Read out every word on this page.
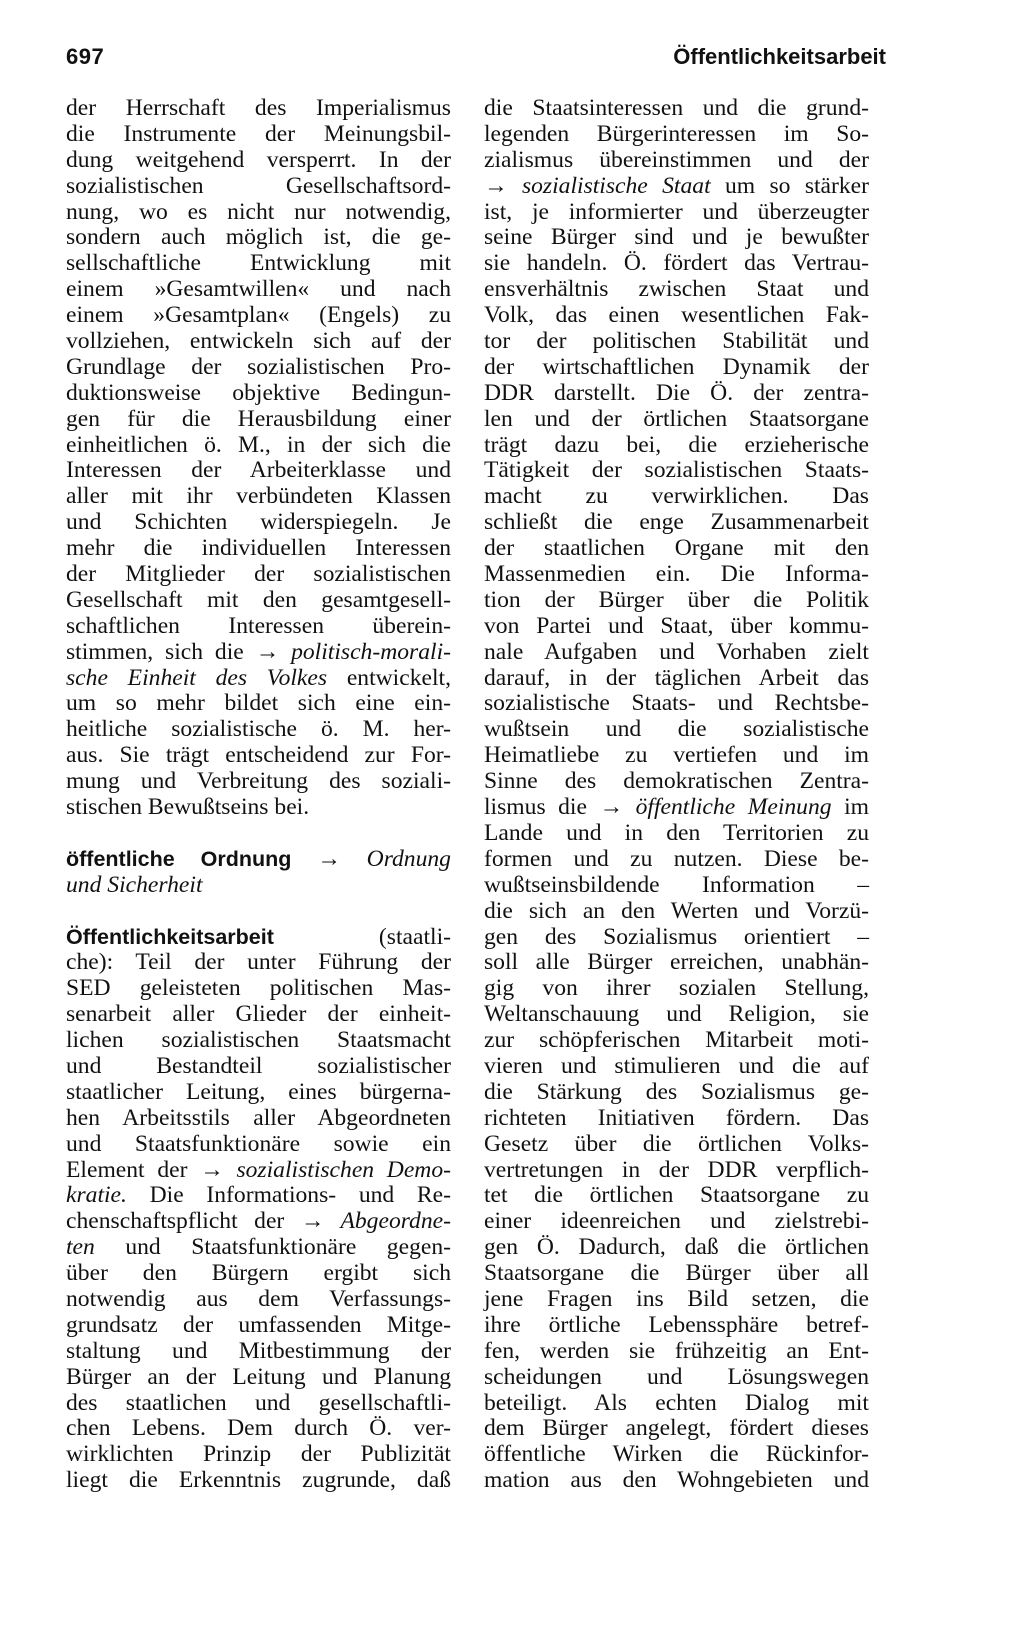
697	Öffentlichkeitsarbeit
der Herrschaft des Imperialismus
die Instrumente der Meinungsbil-
dung weitgehend versperrt. In der
sozialistischen Gesellschaftsord-
nung, wo es nicht nur notwendig,
sondern auch möglich ist, die ge-
sellschaftliche Entwicklung mit
einem »Gesamtwillen« und nach
einem »Gesamtplan« (Engels) zu
vollziehen, entwickeln sich auf der
Grundlage der sozialistischen Pro-
duktionsweise objektive Bedingun-
gen für die Herausbildung einer
einheitlichen ö. M., in der sich die
Interessen der Arbeiterklasse und
aller mit ihr verbündeten Klassen
und Schichten widerspiegeln. Je
mehr die individuellen Interessen
der Mitglieder der sozialistischen
Gesellschaft mit den gesamtgesell-
schaftlichen Interessen überein-
stimmen, sich die → politisch-morali-
sche Einheit des Volkes entwickelt,
um so mehr bildet sich eine ein-
heitliche sozialistische ö. M. her-
aus. Sie trägt entscheidend zur For-
mung und Verbreitung des soziali-
stischen Bewußtseins bei.
öffentliche Ordnung → Ordnung
und Sicherheit
Öffentlichkeitsarbeit (staatli-
che): Teil der unter Führung der
SED geleisteten politischen Mas-
senarbeit aller Glieder der einheit-
lichen sozialistischen Staatsmacht
und Bestandteil sozialistischer
staatlicher Leitung, eines bürgerna-
hen Arbeitsstils aller Abgeordneten
und Staatsfunktionäre sowie ein
Element der → sozialistischen Demo-
kratie. Die Informations- und Re-
chenschaftspflicht der → Abgeordne-
ten und Staatsfunktionäre gegen-
über den Bürgern ergibt sich
notwendig aus dem Verfassungs-
grundsatz der umfassenden Mitge-
staltung und Mitbestimmung der
Bürger an der Leitung und Planung
des staatlichen und gesellschaftli-
chen Lebens. Dem durch Ö. ver-
wirklichten Prinzip der Publizität
liegt die Erkenntnis zugrunde, daß
die Staatsinteressen und die grund-
legenden Bürgerinteressen im So-
zialismus übereinstimmen und der
→ sozialistische Staat um so stärker
ist, je informierter und überzeugter
seine Bürger sind und je bewußter
sie handeln. Ö. fördert das Vertrau-
ensverhältnis zwischen Staat und
Volk, das einen wesentlichen Fak-
tor der politischen Stabilität und
der wirtschaftlichen Dynamik der
DDR darstellt. Die Ö. der zentra-
len und der örtlichen Staatsorgane
trägt dazu bei, die erzieherische
Tätigkeit der sozialistischen Staats-
macht zu verwirklichen. Das
schließt die enge Zusammenarbeit
der staatlichen Organe mit den
Massenmedien ein. Die Informa-
tion der Bürger über die Politik
von Partei und Staat, über kommu-
nale Aufgaben und Vorhaben zielt
darauf, in der täglichen Arbeit das
sozialistische Staats- und Rechtsbe-
wußtsein und die sozialistische
Heimatliebe zu vertiefen und im
Sinne des demokratischen Zentra-
lismus die → öffentliche Meinung im
Lande und in den Territorien zu
formen und zu nutzen. Diese be-
wußtseinsbildende Information –
die sich an den Werten und Vorzü-
gen des Sozialismus orientiert –
soll alle Bürger erreichen, unabhän-
gig von ihrer sozialen Stellung,
Weltanschauung und Religion, sie
zur schöpferischen Mitarbeit moti-
vieren und stimulieren und die auf
die Stärkung des Sozialismus ge-
richteten Initiativen fördern. Das
Gesetz über die örtlichen Volks-
vertretungen in der DDR verpflich-
tet die örtlichen Staatsorgane zu
einer ideenreichen und zielstrebi-
gen Ö. Dadurch, daß die örtlichen
Staatsorgane die Bürger über all
jene Fragen ins Bild setzen, die
ihre örtliche Lebenssphäre betref-
fen, werden sie frühzeitig an Ent-
scheidungen und Lösungswegen
beteiligt. Als echten Dialog mit
dem Bürger angelegt, fördert dieses
öffentliche Wirken die Rückinfor-
mation aus den Wohngebieten und
